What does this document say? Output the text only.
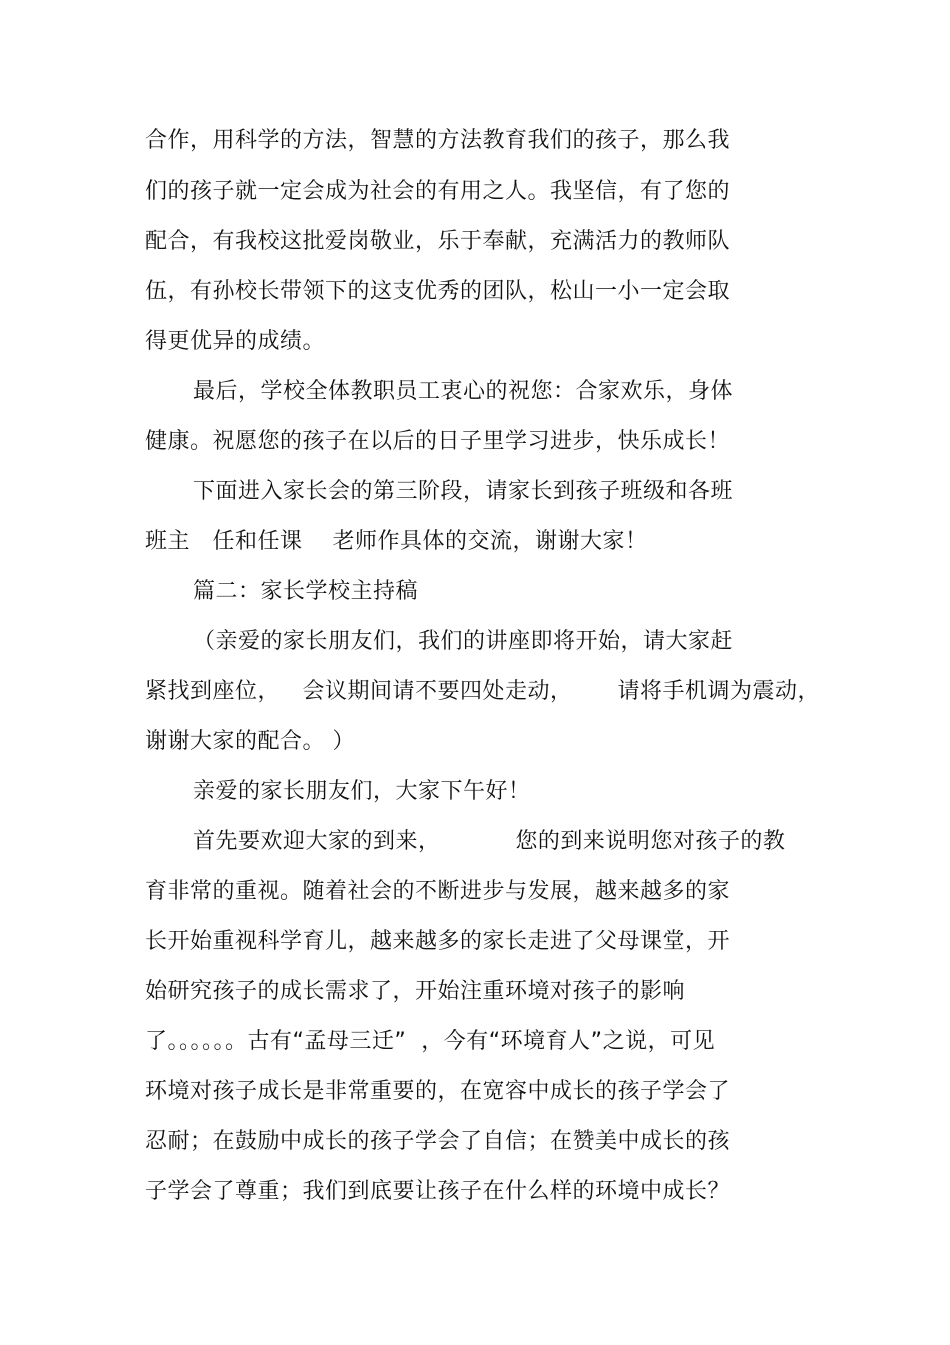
合作，用科学的方法，智慧的方法教育我们的孩子，那么我
们的孩子就一定会成为社会的有用之人。我坚信，有了您的
配合，有我校这批爱岗敬业，乐于奉献，充满活力的教师队
伍，有孙校长带领下的这支优秀的团队，松山一小一定会取
得更优异的成绩。
最后，学校全体教职员工衷心的祝您：合家欢乐，身体
健康。祝愿您的孩子在以后的日子里学习进步，快乐成长！
下面进入家长会的第三阶段，请家长到孩子班级和各班
班主   任和任课    老师作具体的交流，谢谢大家！
篇二：家长学校主持稿
（亲爱的家长朋友们，我们的讲座即将开始，请大家赶
紧找到座位，   会议期间请不要四处走动，      请将手机调为震动，
谢谢大家的配合。 ）
亲爱的家长朋友们，大家下午好！
首先要欢迎大家的到来，          您的到来说明您对孩子的教
育非常的重视。随着社会的不断进步与发展，越来越多的家
长开始重视科学育儿，越来越多的家长走进了父母课堂，开
始研究孩子的成长需求了，开始注重环境对孩子的影响
了。。。。。。古有“孟母三迁”  ，今有“环境育人”之说，可见
环境对孩子成长是非常重要的，在宽容中成长的孩子学会了
忍耐；在鼓励中成长的孩子学会了自信；在赞美中成长的孩
子学会了尊重；我们到底要让孩子在什么样的环境中成长？
